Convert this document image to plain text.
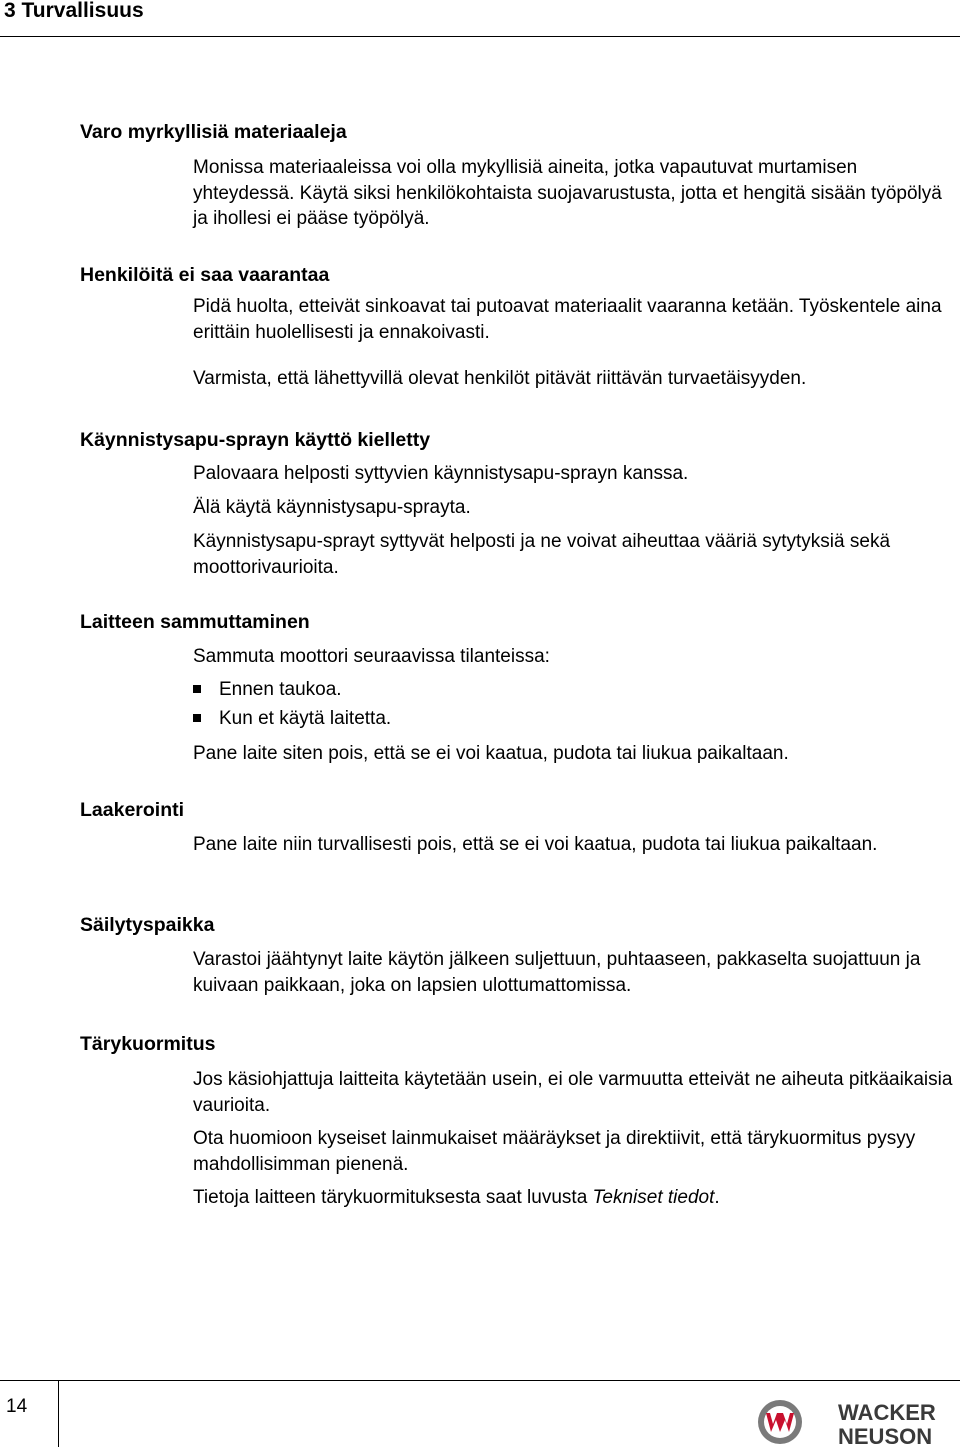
3 Turvallisuus
Varo myrkyllisiä materiaaleja
Monissa materiaaleissa voi olla mykyllisiä aineita, jotka vapautuvat murtamisen yhteydessä. Käytä siksi henkilökohtaista suojavarustusta, jotta et hengitä sisään työpölyä ja ihollesi ei pääse työpölyä.
Henkilöitä ei saa vaarantaa
Pidä huolta, etteivät sinkoavat tai putoavat materiaalit vaaranna ketään. Työskentele aina erittäin huolellisesti ja ennakoivasti.
Varmista, että lähettyvillä olevat henkilöt pitävät riittävän turvaetäisyyden.
Käynnistysapu-sprayn käyttö kielletty
Palovaara helposti syttyvien käynnistysapu-sprayn kanssa.
Älä käytä käynnistysapu-sprayta.
Käynnistysapu-sprayt syttyvät helposti ja ne voivat aiheuttaa vääriä sytytyksiä sekä moottorivaurioita.
Laitteen sammuttaminen
Sammuta moottori seuraavissa tilanteissa:
Ennen taukoa.
Kun et käytä laitetta.
Pane laite siten pois, että se ei voi kaatua, pudota tai liukua paikaltaan.
Laakerointi
Pane laite niin turvallisesti pois, että se ei voi kaatua, pudota tai liukua paikaltaan.
Säilytyspaikka
Varastoi jäähtynyt laite käytön jälkeen suljettuun, puhtaaseen, pakkaselta suojattuun ja kuivaan paikkaan, joka on lapsien ulottumattomissa.
Tärykuormitus
Jos käsiohjattuja laitteita käytetään usein, ei ole varmuutta etteivät ne aiheuta pitkäaikaisia vaurioita.
Ota huomioon kyseiset lainmukaiset määräykset ja direktiivit, että tärykuormitus pysyy mahdollisimman pienenä.
Tietoja laitteen tärykuormituksesta saat luvusta Tekniset tiedot.
14	WACKER
NEUSON
